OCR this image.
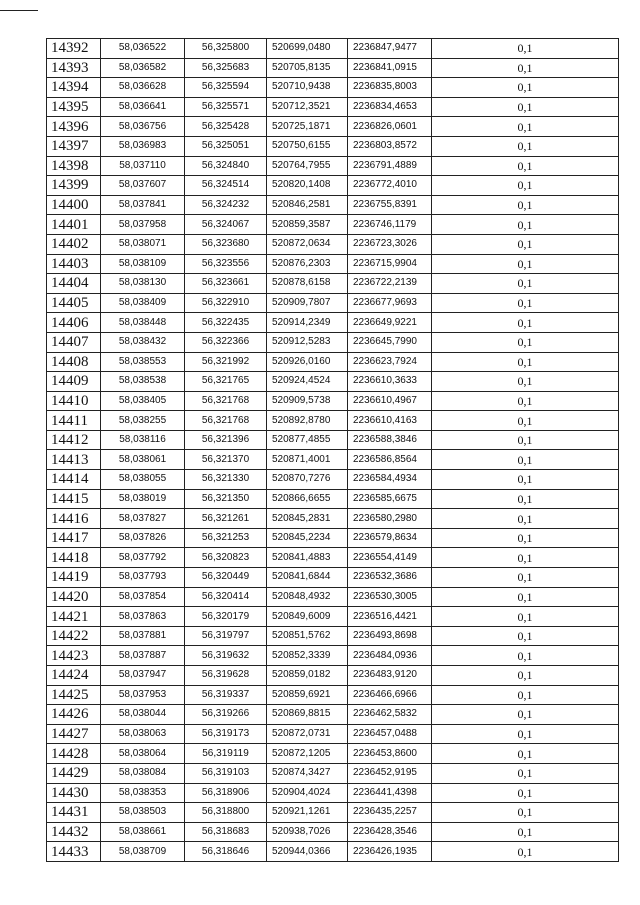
14392	58,036522	56,325800	520699,0480	2236847,9477	0,1
14393	58,036582	56,325683	520705,8135	2236841,0915	0,1
14394	58,036628	56,325594	520710,9438	2236835,8003	0,1
14395	58,036641	56,325571	520712,3521	2236834,4653	0,1
14396	58,036756	56,325428	520725,1871	2236826,0601	0,1
14397	58,036983	56,325051	520750,6155	2236803,8572	0,1
14398	58,037110	56,324840	520764,7955	2236791,4889	0,1
14399	58,037607	56,324514	520820,1408	2236772,4010	0,1
14400	58,037841	56,324232	520846,2581	2236755,8391	0,1
14401	58,037958	56,324067	520859,3587	2236746,1179	0,1
14402	58,038071	56,323680	520872,0634	2236723,3026	0,1
14403	58,038109	56,323556	520876,2303	2236715,9904	0,1
14404	58,038130	56,323661	520878,6158	2236722,2139	0,1
14405	58,038409	56,322910	520909,7807	2236677,9693	0,1
14406	58,038448	56,322435	520914,2349	2236649,9221	0,1
14407	58,038432	56,322366	520912,5283	2236645,7990	0,1
14408	58,038553	56,321992	520926,0160	2236623,7924	0,1
14409	58,038538	56,321765	520924,4524	2236610,3633	0,1
14410	58,038405	56,321768	520909,5738	2236610,4967	0,1
14411	58,038255	56,321768	520892,8780	2236610,4163	0,1
14412	58,038116	56,321396	520877,4855	2236588,3846	0,1
14413	58,038061	56,321370	520871,4001	2236586,8564	0,1
14414	58,038055	56,321330	520870,7276	2236584,4934	0,1
14415	58,038019	56,321350	520866,6655	2236585,6675	0,1
14416	58,037827	56,321261	520845,2831	2236580,2980	0,1
14417	58,037826	56,321253	520845,2234	2236579,8634	0,1
14418	58,037792	56,320823	520841,4883	2236554,4149	0,1
14419	58,037793	56,320449	520841,6844	2236532,3686	0,1
14420	58,037854	56,320414	520848,4932	2236530,3005	0,1
14421	58,037863	56,320179	520849,6009	2236516,4421	0,1
14422	58,037881	56,319797	520851,5762	2236493,8698	0,1
14423	58,037887	56,319632	520852,3339	2236484,0936	0,1
14424	58,037947	56,319628	520859,0182	2236483,9120	0,1
14425	58,037953	56,319337	520859,6921	2236466,6966	0,1
14426	58,038044	56,319266	520869,8815	2236462,5832	0,1
14427	58,038063	56,319173	520872,0731	2236457,0488	0,1
14428	58,038064	56,319119	520872,1205	2236453,8600	0,1
14429	58,038084	56,319103	520874,3427	2236452,9195	0,1
14430	58,038353	56,318906	520904,4024	2236441,4398	0,1
14431	58,038503	56,318800	520921,1261	2236435,2257	0,1
14432	58,038661	56,318683	520938,7026	2236428,3546	0,1
14433	58,038709	56,318646	520944,0366	2236426,1935	0,1
